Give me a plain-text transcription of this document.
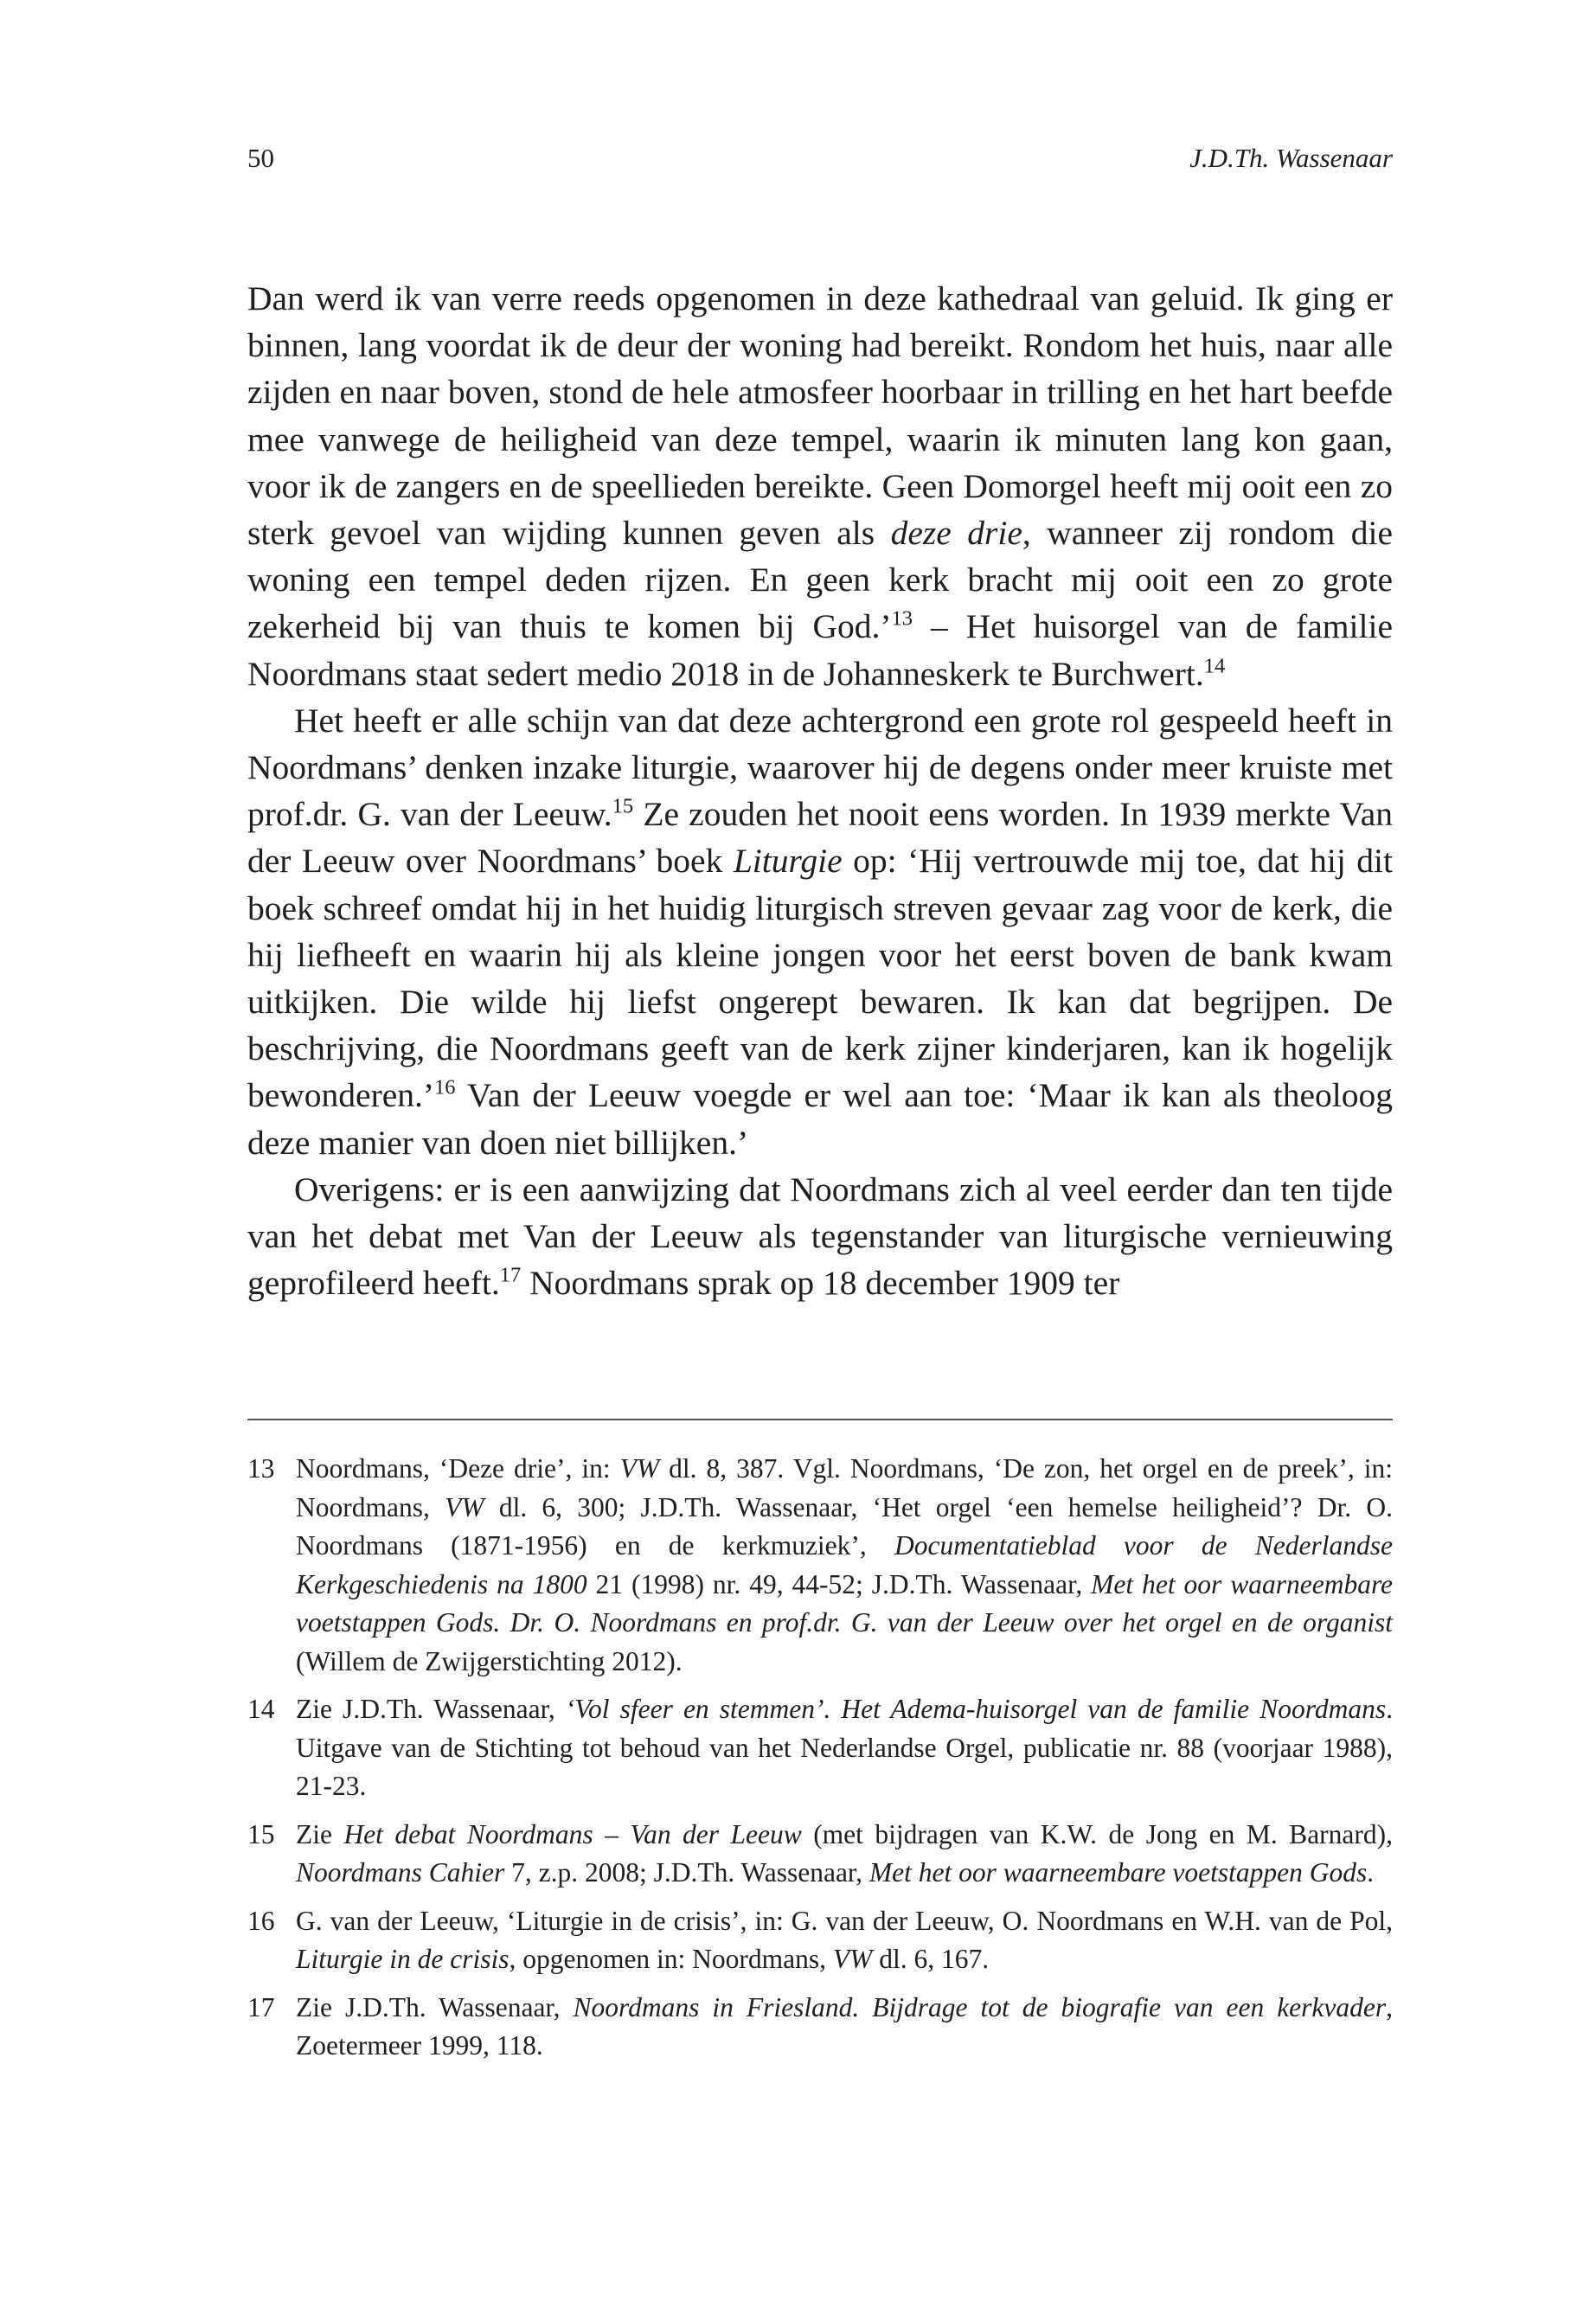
50	J.D.Th. Wassenaar

Dan werd ik van verre reeds opgenomen in deze kathedraal van geluid. Ik ging er binnen, lang voordat ik de deur der woning had bereikt. Rondom het huis, naar alle zijden en naar boven, stond de hele atmosfeer hoorbaar in trilling en het hart beefde mee vanwege de heiligheid van deze tempel, waarin ik minuten lang kon gaan, voor ik de zangers en de speellieden bereikte. Geen Domorgel heeft mij ooit een zo sterk gevoel van wijding kunnen geven als deze drie, wanneer zij rondom die woning een tempel deden rijzen. En geen kerk bracht mij ooit een zo grote zekerheid bij van thuis te komen bij God.’$^{13}$ – Het huisorgel van de familie Noordmans staat sedert medio 2018 in de Johanneskerk te Burchwert.$^{14}$

Het heeft er alle schijn van dat deze achtergrond een grote rol gespeeld heeft in Noordmans’ denken inzake liturgie, waarover hij de degens onder meer kruiste met prof.dr. G. van der Leeuw.$^{15}$ Ze zouden het nooit eens worden. In 1939 merkte Van der Leeuw over Noordmans’ boek Liturgie op: ‘Hij vertrouwde mij toe, dat hij dit boek schreef omdat hij in het huidig liturgisch streven gevaar zag voor de kerk, die hij liefheeft en waarin hij als kleine jongen voor het eerst boven de bank kwam uitkijken. Die wilde hij liefst ongerept bewaren. Ik kan dat begrijpen. De beschrijving, die Noordmans geeft van de kerk zijner kinderjaren, kan ik hogelijk bewonderen.’$^{16}$ Van der Leeuw voegde er wel aan toe: ‘Maar ik kan als theoloog deze manier van doen niet billijken.’

Overigens: er is een aanwijzing dat Noordmans zich al veel eerder dan ten tijde van het debat met Van der Leeuw als tegenstander van liturgische vernieuwing geprofileerd heeft.$^{17}$ Noordmans sprak op 18 december 1909 ter

13 Noordmans, ‘Deze drie’, in: VW dl. 8, 387. Vgl. Noordmans, ‘De zon, het orgel en de preek’, in: Noordmans, VW dl. 6, 300; J.D.Th. Wassenaar, ‘Het orgel ‘een hemelse heiligheid’? Dr. O. Noordmans (1871-1956) en de kerkmuziek’, Documentatieblad voor de Nederlandse Kerkgeschiedenis na 1800 21 (1998) nr. 49, 44-52; J.D.Th. Wassenaar, Met het oor waarneembare voetstappen Gods. Dr. O. Noordmans en prof.dr. G. van der Leeuw over het orgel en de organist (Willem de Zwijgerstichting 2012).
14 Zie J.D.Th. Wassenaar, ‘Vol sfeer en stemmen’. Het Adema-huisorgel van de familie Noordmans. Uitgave van de Stichting tot behoud van het Nederlandse Orgel, publicatie nr. 88 (voorjaar 1988), 21-23.
15 Zie Het debat Noordmans – Van der Leeuw (met bijdragen van K.W. de Jong en M. Barnard), Noordmans Cahier 7, z.p. 2008; J.D.Th. Wassenaar, Met het oor waarneembare voetstappen Gods.
16 G. van der Leeuw, ‘Liturgie in de crisis’, in: G. van der Leeuw, O. Noordmans en W.H. van de Pol, Liturgie in de crisis, opgenomen in: Noordmans, VW dl. 6, 167.
17 Zie J.D.Th. Wassenaar, Noordmans in Friesland. Bijdrage tot de biografie van een kerkvader, Zoetermeer 1999, 118.
